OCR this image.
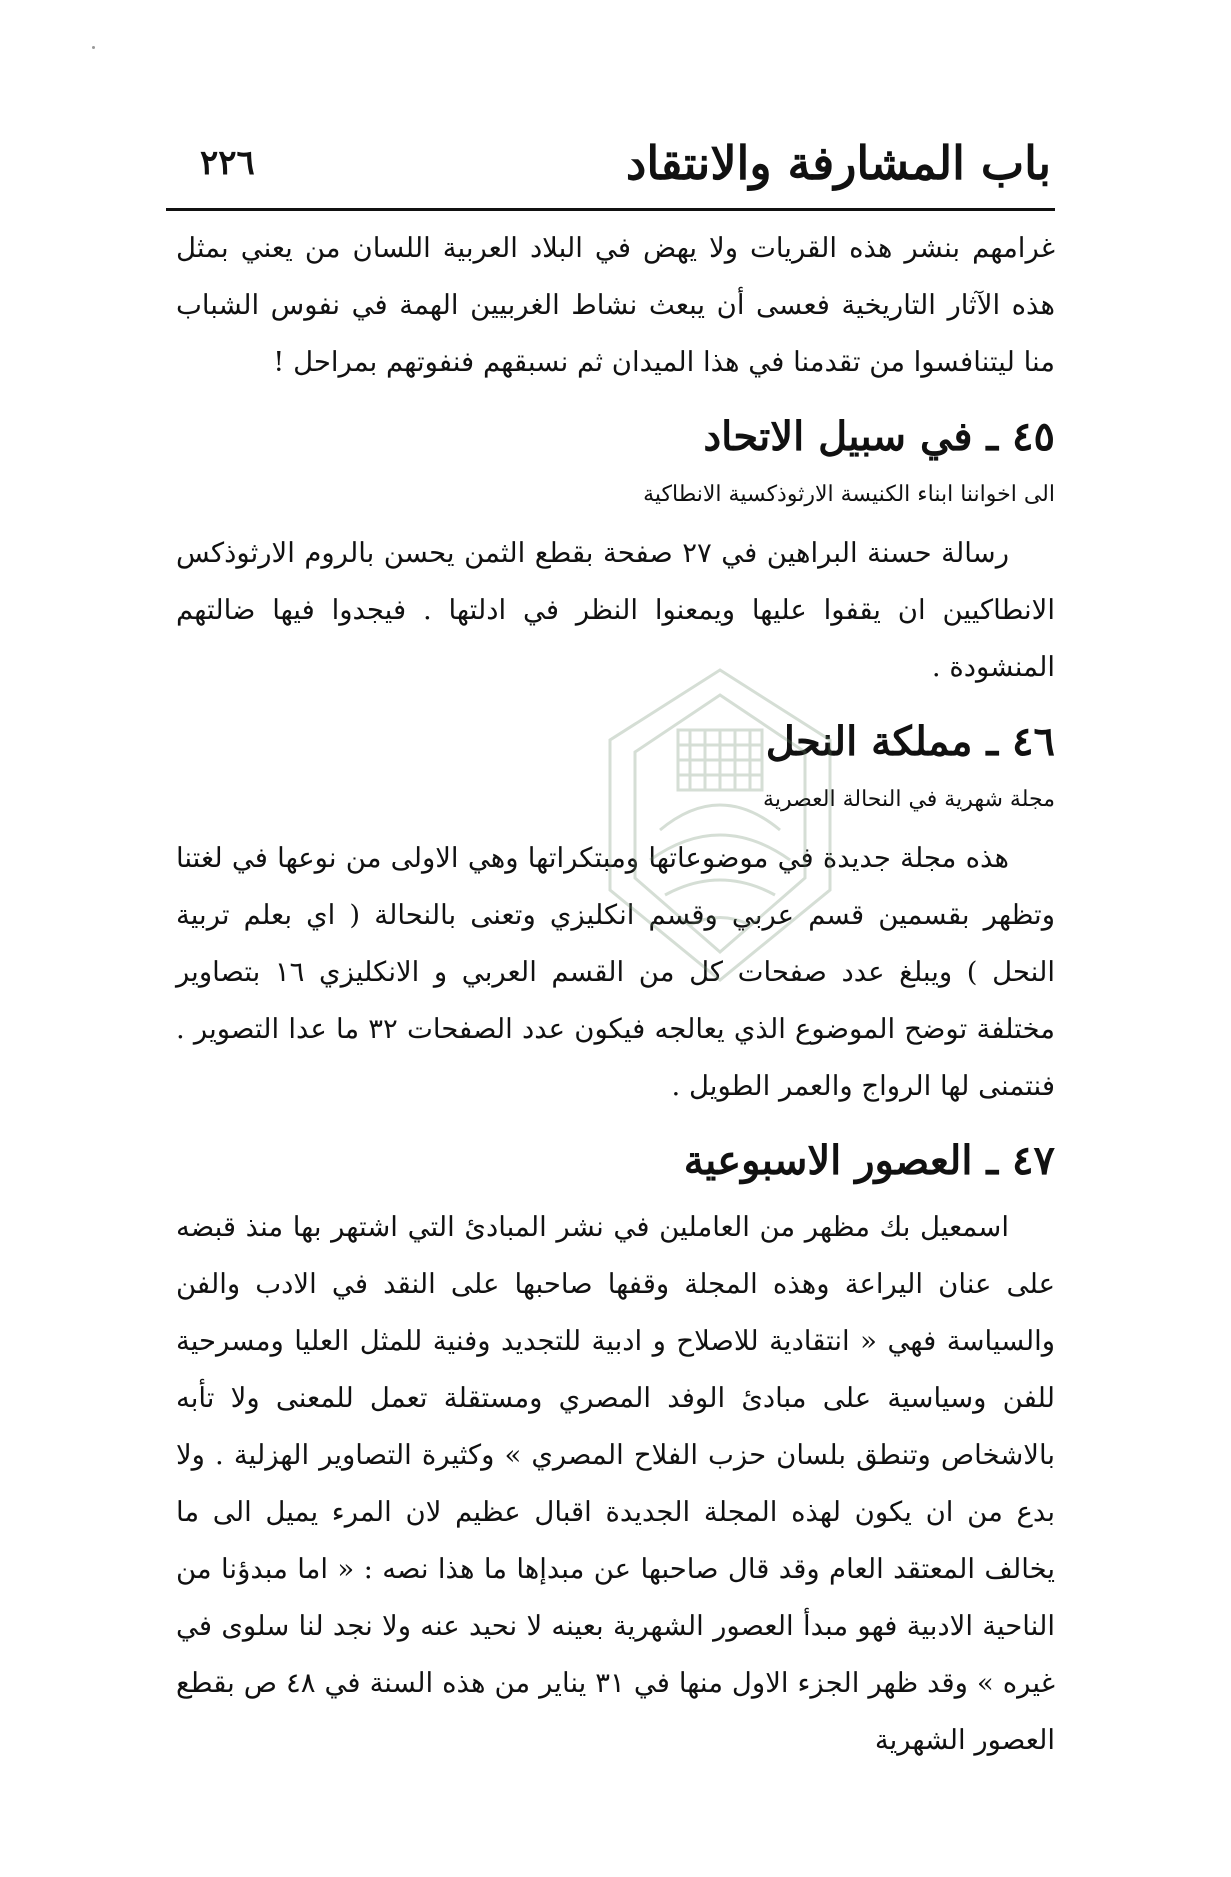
باب المشارفة والانتقاد
٢٢٦

غرامهم بنشر هذه القريات ولا يهض في البلاد العربية اللسان من يعني بمثل هذه الآثار التاريخية فعسى أن يبعث نشاط الغربيين الهمة في نفوس الشباب منا ليتنافسوا من تقدمنا في هذا الميدان ثم نسبقهم فنفوتهم بمراحل !

٤٥ ـ في سبيل الاتحاد
الى اخواننا ابناء الكنيسة الارثوذكسية الانطاكية

رسالة حسنة البراهين في ٢٧ صفحة بقطع الثمن يحسن بالروم الارثوذكس الانطاكيين ان يقفوا عليها ويمعنوا النظر في ادلتها . فيجدوا فيها ضالتهم المنشودة .

٤٦ ـ مملكة النحل
مجلة شهرية في النحالة العصرية

هذه مجلة جديدة في موضوعاتها ومبتكراتها وهي الاولى من نوعها في لغتنا وتظهر بقسمين قسم عربي وقسم انكليزي وتعنى بالنحالة ( اي بعلم تربية النحل ) ويبلغ عدد صفحات كل من القسم العربي و الانكليزي ١٦ بتصاوير مختلفة توضح الموضوع الذي يعالجه فيكون عدد الصفحات ٣٢ ما عدا التصوير . فنتمنى لها الرواج والعمر الطويل .

٤٧ ـ العصور الاسبوعية

اسمعيل بك مظهر من العاملين في نشر المبادئ التي اشتهر بها منذ قبضه على عنان اليراعة وهذه المجلة وقفها صاحبها على النقد في الادب والفن والسياسة فهي « انتقادية للاصلاح و ادبية للتجديد وفنية للمثل العليا ومسرحية للفن وسياسية على مبادئ الوفد المصري ومستقلة تعمل للمعنى ولا تأبه بالاشخاص وتنطق بلسان حزب الفلاح المصري » وكثيرة التصاوير الهزلية . ولا بدع من ان يكون لهذه المجلة الجديدة اقبال عظيم لان المرء يميل الى ما يخالف المعتقد العام وقد قال صاحبها عن مبدإها ما هذا نصه : « اما مبدؤنا من الناحية الادبية فهو مبدأ العصور الشهرية بعينه لا نحيد عنه ولا نجد لنا سلوى في غيره » وقد ظهر الجزء الاول منها في ٣١ يناير من هذه السنة في ٤٨ ص بقطع العصور الشهرية
